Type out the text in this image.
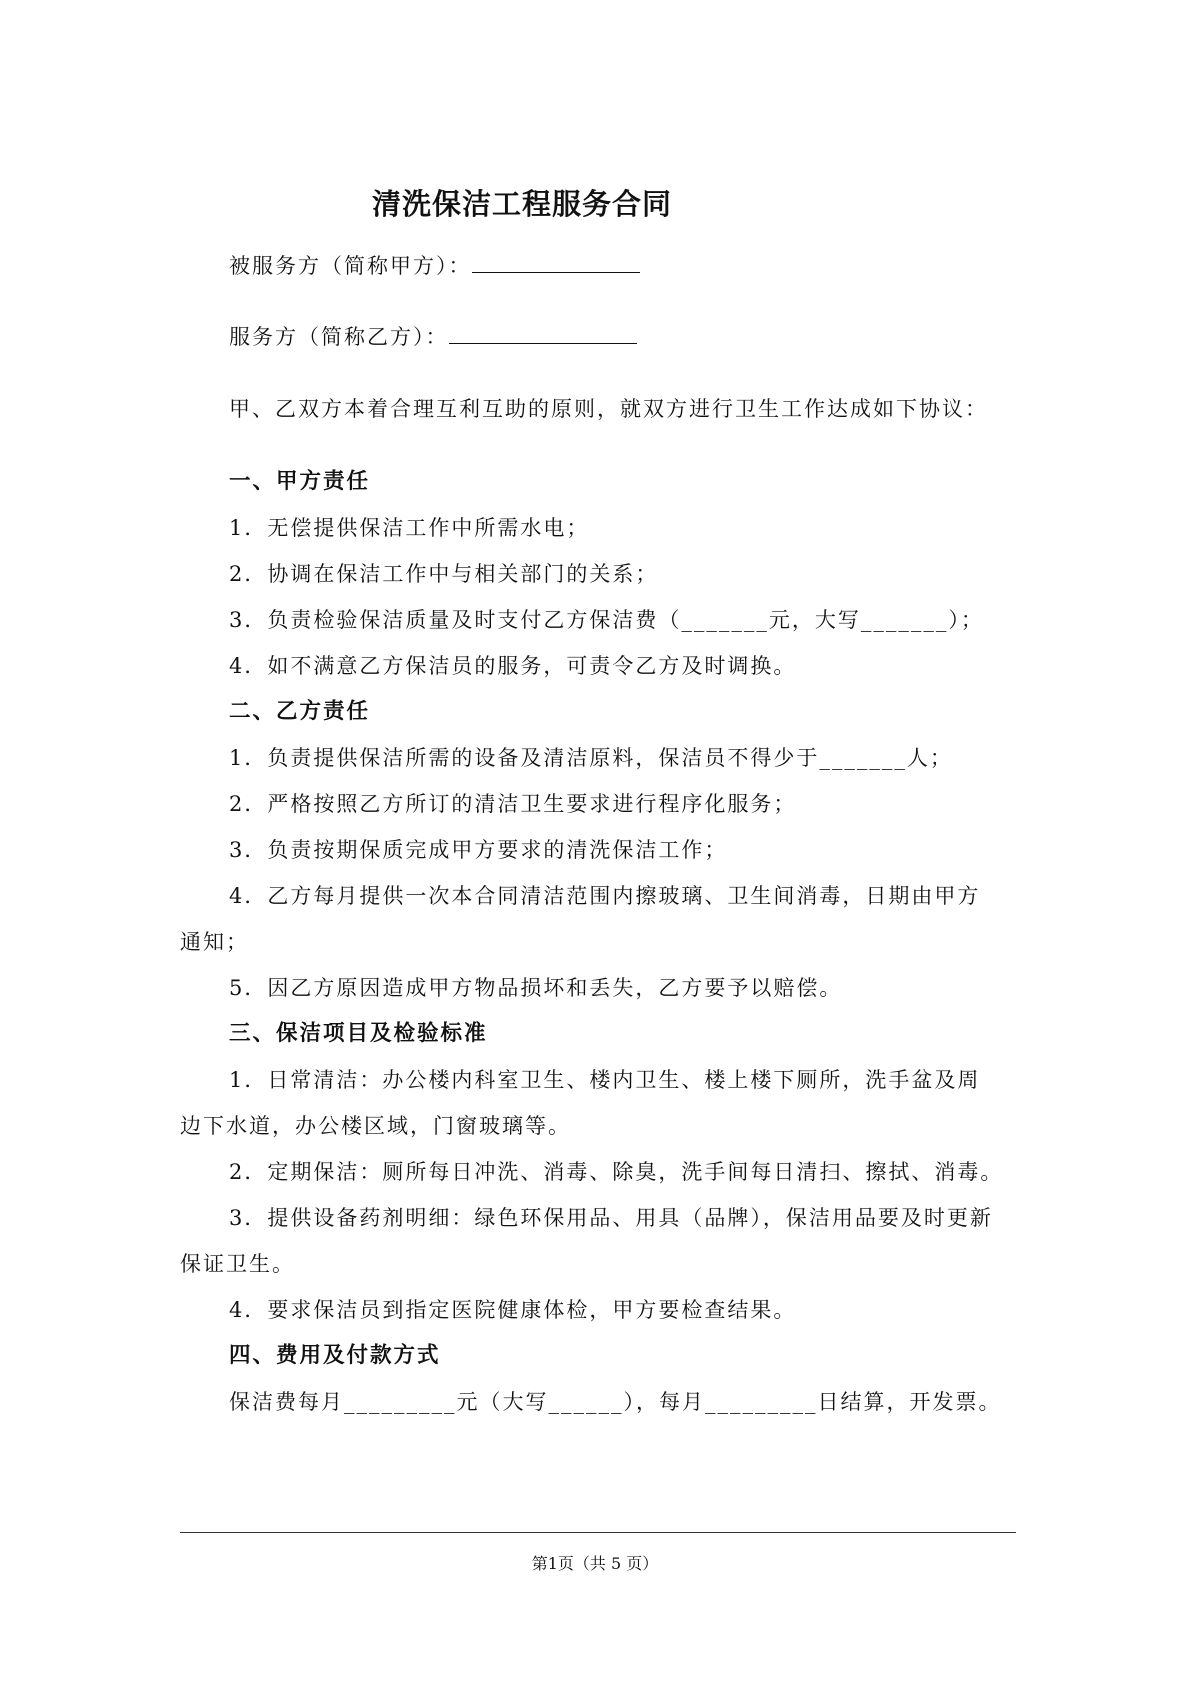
清洗保洁工程服务合同
被服务方（简称甲方）：
服务方（简称乙方）：
甲、乙双方本着合理互利互助的原则，就双方进行卫生工作达成如下协议：
一、甲方责任
1．无偿提供保洁工作中所需水电；
2．协调在保洁工作中与相关部门的关系；
3．负责检验保洁质量及时支付乙方保洁费（_______元，大写_______）；
4．如不满意乙方保洁员的服务，可责令乙方及时调换。
二、乙方责任
1．负责提供保洁所需的设备及清洁原料，保洁员不得少于_______人；
2．严格按照乙方所订的清洁卫生要求进行程序化服务；
3．负责按期保质完成甲方要求的清洗保洁工作；
4．乙方每月提供一次本合同清洁范围内擦玻璃、卫生间消毒，日期由甲方
通知；
5．因乙方原因造成甲方物品损坏和丢失，乙方要予以赔偿。
三、保洁项目及检验标准
1．日常清洁：办公楼内科室卫生、楼内卫生、楼上楼下厕所，洗手盆及周
边下水道，办公楼区域，门窗玻璃等。
2．定期保洁：厕所每日冲洗、消毒、除臭，洗手间每日清扫、擦拭、消毒。
3．提供设备药剂明细：绿色环保用品、用具（品牌），保洁用品要及时更新
保证卫生。
4．要求保洁员到指定医院健康体检，甲方要检查结果。
四、费用及付款方式
保洁费每月_________元（大写______），每月_________日结算，开发票。
第1页（共 5 页）
